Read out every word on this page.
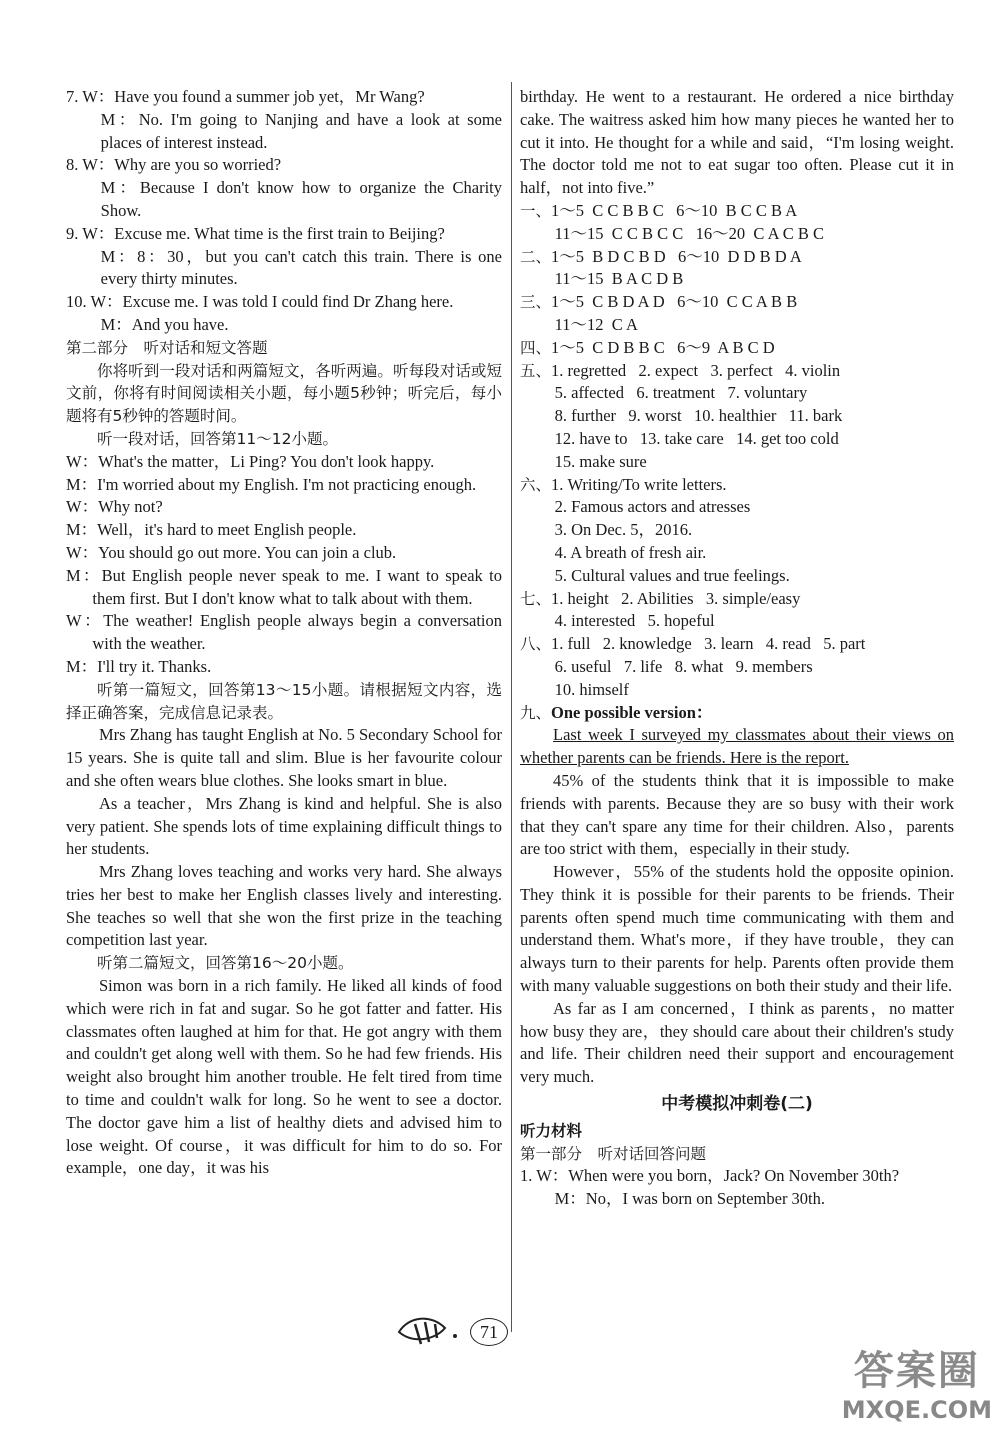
7. W：Have you found a summer job yet，Mr Wang?

M：No. I'm going to Nanjing and have a look at some places of interest instead.

8. W：Why are you so worried?

M：Because I don't know how to organize the Charity Show.

9. W：Excuse me. What time is the first train to Beijing?

M：8：30，but you can't catch this train. There is one every thirty minutes.

10. W：Excuse me. I was told I could find Dr Zhang here.

M：And you have.

第二部分　听对话和短文答题

你将听到一段对话和两篇短文，各听两遍。听每段对话或短文前，你将有时间阅读相关小题，每小题5秒钟；听完后，每小题将有5秒钟的答题时间。

听一段对话，回答第11～12小题。

W：What's the matter，Li Ping? You don't look happy.

M：I'm worried about my English. I'm not practicing enough.

W：Why not?

M：Well，it's hard to meet English people.

W：You should go out more. You can join a club.

M：But English people never speak to me. I want to speak to them first. But I don't know what to talk about with them.

W：The weather! English people always begin a conversation with the weather.

M：I'll try it. Thanks.

听第一篇短文，回答第13～15小题。请根据短文内容，选择正确答案，完成信息记录表。

Mrs Zhang has taught English at No. 5 Secondary School for 15 years. She is quite tall and slim. Blue is her favourite colour and she often wears blue clothes. She looks smart in blue.

As a teacher，Mrs Zhang is kind and helpful. She is also very patient. She spends lots of time explaining difficult things to her students.

Mrs Zhang loves teaching and works very hard. She always tries her best to make her English classes lively and interesting. She teaches so well that she won the first prize in the teaching competition last year.

听第二篇短文，回答第16～20小题。

Simon was born in a rich family. He liked all kinds of food which were rich in fat and sugar. So he got fatter and fatter. His classmates often laughed at him for that. He got angry with them and couldn't get along well with them. So he had few friends. His weight also brought him another trouble. He felt tired from time to time and couldn't walk for long. So he went to see a doctor. The doctor gave him a list of healthy diets and advised him to lose weight. Of course，it was difficult for him to do so. For example，one day，it was his

birthday. He went to a restaurant. He ordered a nice birthday cake. The waitress asked him how many pieces he wanted her to cut it into. He thought for a while and said，“I'm losing weight. The doctor told me not to eat sugar too often. Please cut it in half，not into five.”

一、1～5  C C B B C   6～10  B C C B A

11～15  C C B C C   16～20  C A C B C

二、1～5  B D C B D   6～10  D D B D A

11～15  B A C D B

三、1～5  C B D A D   6～10  C C A B B

11～12  C A

四、1～5  C D B B C   6～9  A B C D

五、1. regretted   2. expect   3. perfect   4. violin

5. affected   6. treatment   7. voluntary

8. further   9. worst   10. healthier   11. bark

12. have to   13. take care   14. get too cold

15. make sure

六、1. Writing/To write letters.

2. Famous actors and atresses

3. On Dec. 5，2016.

4. A breath of fresh air.

5. Cultural values and true feelings.

七、1. height   2. Abilities   3. simple/easy

4. interested   5. hopeful

八、1. full   2. knowledge   3. learn   4. read   5. part

6. useful   7. life   8. what   9. members

10. himself

九、One possible version：

Last week I surveyed my classmates about their views on whether parents can be friends. Here is the report.

45% of the students think that it is impossible to make friends with parents. Because they are so busy with their work that they can't spare any time for their children. Also，parents are too strict with them，especially in their study.

However，55% of the students hold the opposite opinion. They think it is possible for their parents to be friends. Their parents often spend much time communicating with them and understand them. What's more，if they have trouble，they can always turn to their parents for help. Parents often provide them with many valuable suggestions on both their study and their life.

As far as I am concerned，I think as parents，no matter how busy they are，they should care about their children's study and life. Their children need their support and encouragement very much.

中考模拟冲刺卷(二)

听力材料

第一部分　听对话回答问题

1. W：When were you born，Jack? On November 30th?

M：No，I was born on September 30th.

71
答案圈
MXQE.COM
